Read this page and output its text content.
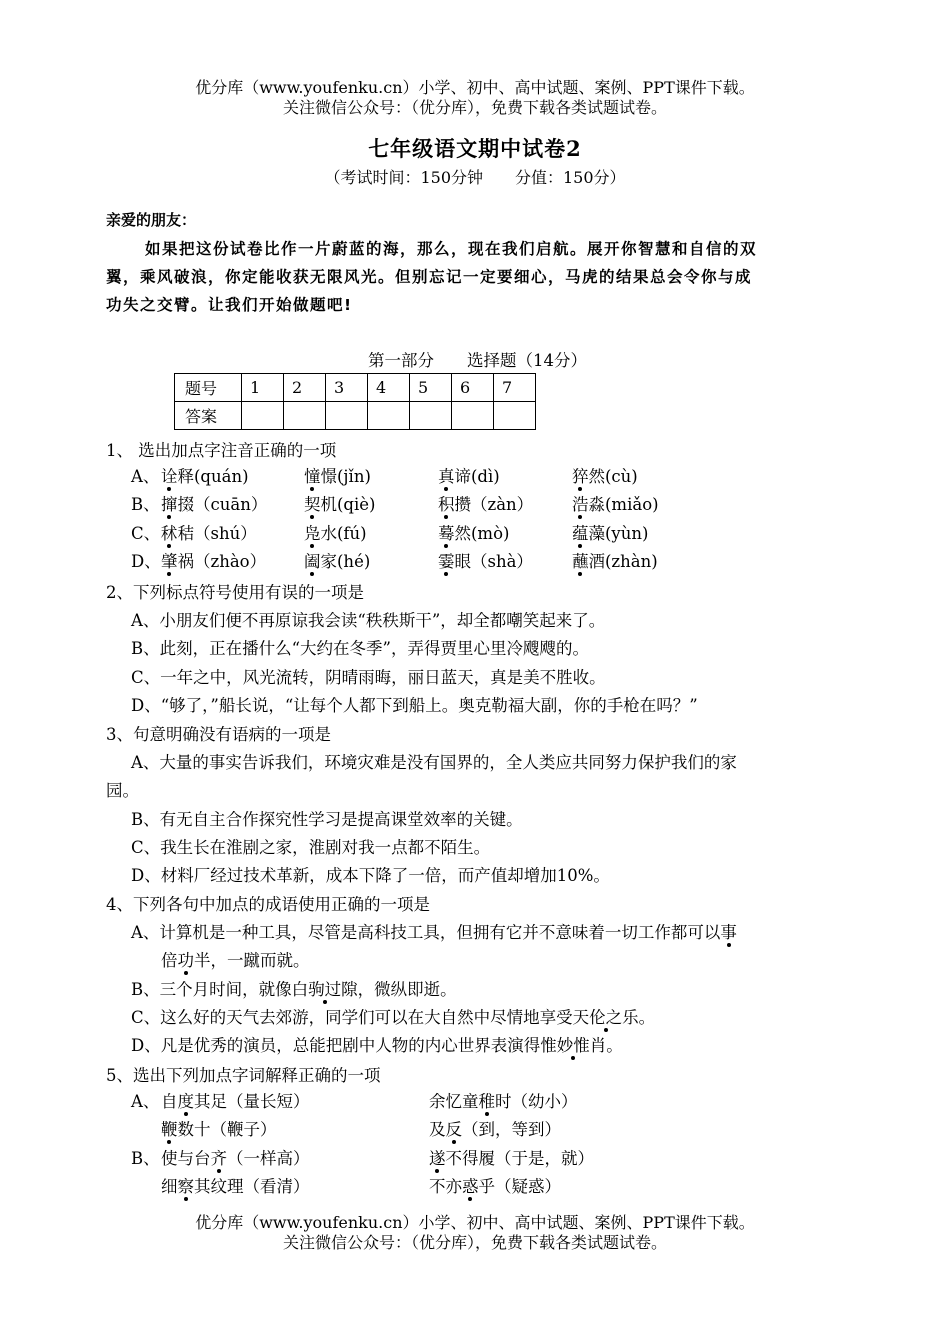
优分库（www.youfenku.cn）小学、初中、高中试题、案例、PPT课件下载。
关注微信公众号：（优分库），免费下载各类试题试卷。
七年级语文期中试卷2
（考试时间：150分钟　　分值：150分）
亲爱的朋友：
如果把这份试卷比作一片蔚蓝的海，那么，现在我们启航。展开你智慧和自信的双
翼，乘风破浪，你定能收获无限风光。但别忘记一定要细心，马虎的结果总会令你与成
功失之交臂。让我们开始做题吧!
第一部分　　选择题（14分）
题号	1	2	3	4	5	6	7
答案							
1、 选出加点字注音正确的一项
A、 诠释(quán)	憧憬(jǐn)	真谛(dì)	猝然(cù)
B、 撺掇（cuān） 契机(qiè)	积攒（zàn） 浩淼(miǎo)
C、 秫秸（shú）	凫水(fú)	蓦然(mò)	蕴藻(yùn)
D、 肇祸（zhào） 阖家(hé)	霎眼（shà） 蘸酒(zhàn)
2、下列标点符号使用有误的一项是
A、小朋友们便不再原谅我会读“秩秩斯干”，却全都嘲笑起来了。
B、此刻，正在播什么“大约在冬季”，弄得贾里心里冷飕飕的。
C、一年之中，风光流转，阴晴雨晦，丽日蓝天，真是美不胜收。
D、“够了，”船长说，“让每个人都下到船上。奥克勒福大副，你的手枪在吗？”
3、句意明确没有语病的一项是
A、大量的事实告诉我们，环境灾难是没有国界的，全人类应共同努力保护我们的家
园。
B、有无自主合作探究性学习是提高课堂效率的关键。
C、我生长在淮剧之家，淮剧对我一点都不陌生。
D、材料厂经过技术革新，成本下降了一倍，而产值却增加10%。
4、下列各句中加点的成语使用正确的一项是
A、计算机是一种工具，尽管是高科技工具，但拥有它并不意味着一切工作都可以事
倍功半，一蹴而就。
B、三个月时间，就像白驹过隙，微纵即逝。
C、这么好的天气去郊游，同学们可以在大自然中尽情地享受天伦之乐。
D、凡是优秀的演员，总能把剧中人物的内心世界表演得惟妙惟肖。
5、选出下列加点字词解释正确的一项
A、 自度其足（量长短）	余忆童稚时（幼小）
鞭数十（鞭子）	及反（到，等到）
B、 使与台齐（一样高）	遂不得履（于是，就）
细察其纹理（看清）	不亦惑乎（疑惑）
优分库（www.youfenku.cn）小学、初中、高中试题、案例、PPT课件下载。
关注微信公众号：（优分库），免费下载各类试题试卷。
